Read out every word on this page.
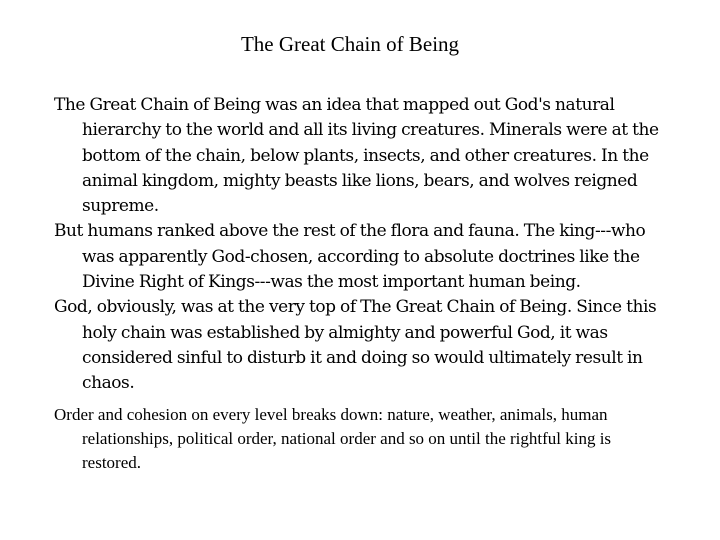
The Great Chain of Being

The Great Chain of Being was an idea that mapped out God's natural hierarchy to the world and all its living creatures. Minerals were at the bottom of the chain, below plants, insects, and other creatures. In the animal kingdom, mighty beasts like lions, bears, and wolves reigned supreme.

But humans ranked above the rest of the flora and fauna. The king---who was apparently God-chosen, according to absolute doctrines like the Divine Right of Kings---was the most important human being.

God, obviously, was at the very top of The Great Chain of Being. Since this holy chain was established by almighty and powerful God, it was considered sinful to disturb it and doing so would ultimately result in chaos.

Order and cohesion on every level breaks down: nature, weather, animals, human relationships, political order, national order and so on until the rightful king is restored.
